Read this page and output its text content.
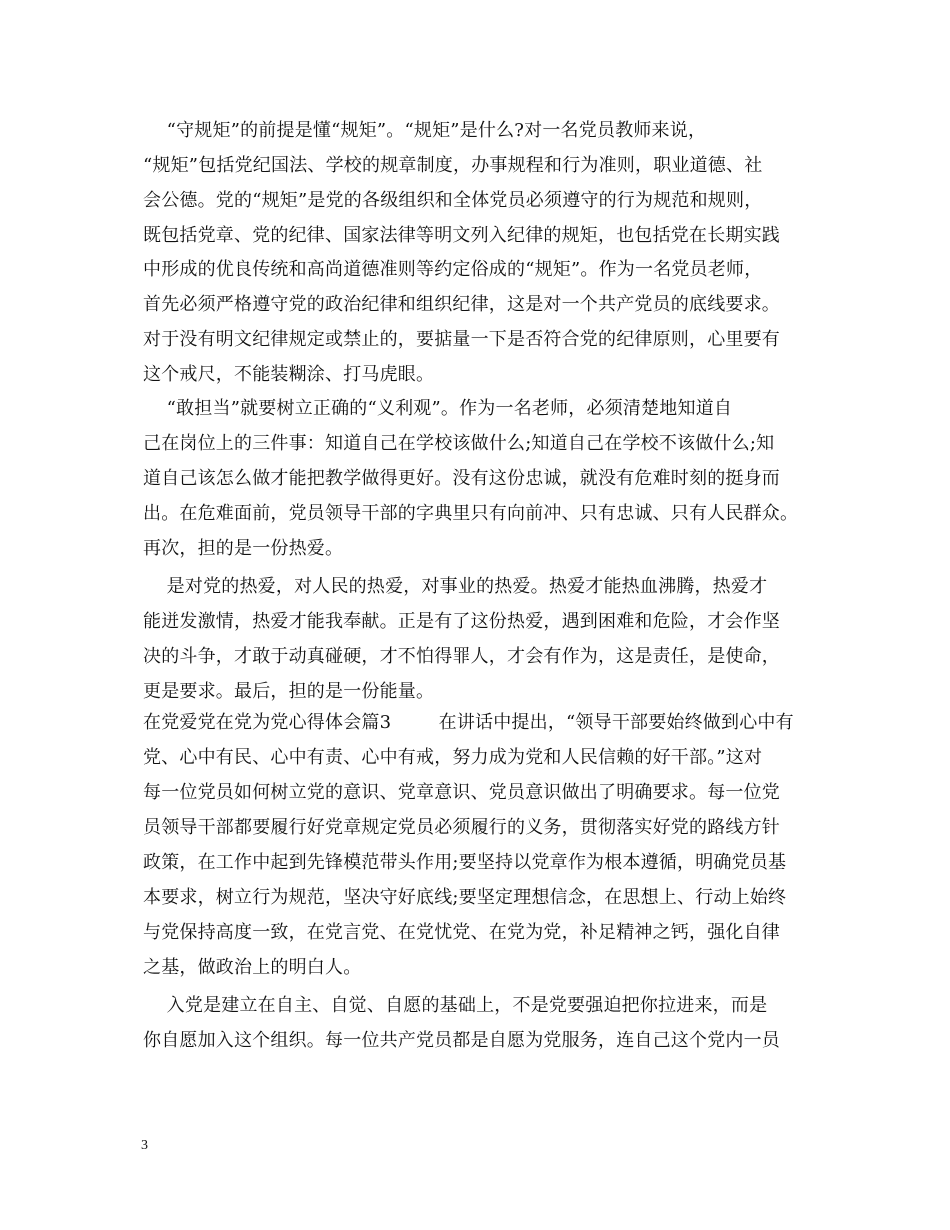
“守规矩”的前提是懂“规矩”。“规矩”是什么?对一名党员教师来说，
“规矩”包括党纪国法、学校的规章制度，办事规程和行为准则，职业道德、社
会公德。党的“规矩”是党的各级组织和全体党员必须遵守的行为规范和规则，
既包括党章、党的纪律、国家法律等明文列入纪律的规矩，也包括党在长期实践
中形成的优良传统和高尚道德准则等约定俗成的“规矩”。作为一名党员老师，
首先必须严格遵守党的政治纪律和组织纪律，这是对一个共产党员的底线要求。
对于没有明文纪律规定或禁止的，要掂量一下是否符合党的纪律原则，心里要有
这个戒尺，不能装糊涂、打马虎眼。
“敢担当”就要树立正确的“义利观”。作为一名老师，必须清楚地知道自
己在岗位上的三件事：知道自己在学校该做什么;知道自己在学校不该做什么;知
道自己该怎么做才能把教学做得更好。没有这份忠诚，就没有危难时刻的挺身而
出。在危难面前，党员领导干部的字典里只有向前冲、只有忠诚、只有人民群众。
再次，担的是一份热爱。
是对党的热爱，对人民的热爱，对事业的热爱。热爱才能热血沸腾，热爱才
能迸发激情，热爱才能我奉献。正是有了这份热爱，遇到困难和危险，才会作坚
决的斗争，才敢于动真碰硬，才不怕得罪人，才会有作为，这是责任，是使命，
更是要求。最后，担的是一份能量。
在党爱党在党为党心得体会篇3        在讲话中提出，“领导干部要始终做到心中有
党、心中有民、心中有责、心中有戒，努力成为党和人民信赖的好干部。”这对
每一位党员如何树立党的意识、党章意识、党员意识做出了明确要求。每一位党
员领导干部都要履行好党章规定党员必须履行的义务，贯彻落实好党的路线方针
政策，在工作中起到先锋模范带头作用;要坚持以党章作为根本遵循，明确党员基
本要求，树立行为规范，坚决守好底线;要坚定理想信念，在思想上、行动上始终
与党保持高度一致，在党言党、在党忧党、在党为党，补足精神之钙，强化自律
之基，做政治上的明白人。
入党是建立在自主、自觉、自愿的基础上，不是党要强迫把你拉进来，而是
你自愿加入这个组织。每一位共产党员都是自愿为党服务，连自己这个党内一员
3
